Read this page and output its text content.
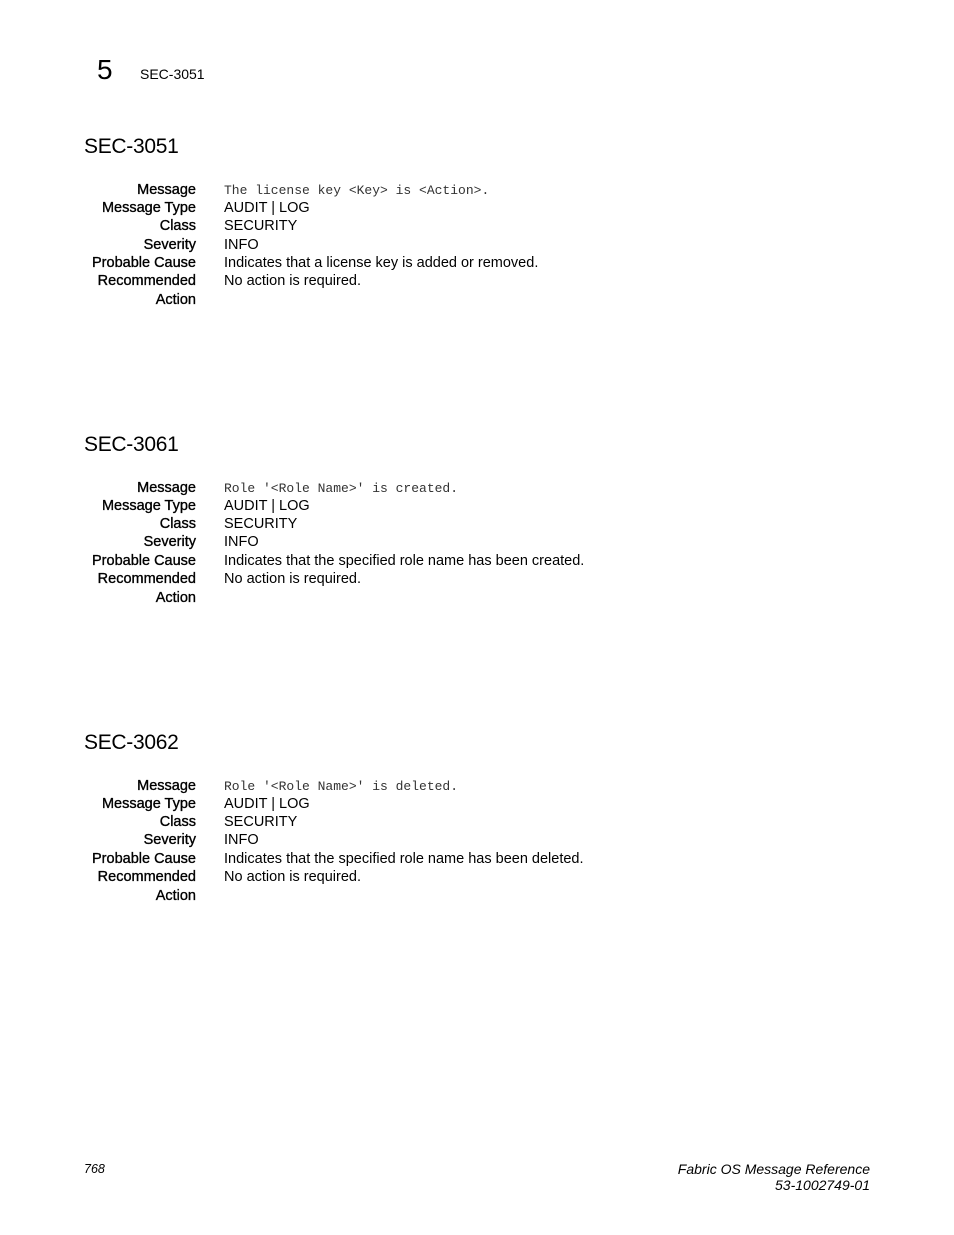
5 SEC-3051
SEC-3051
Message The license key <Key> is <Action>.
Message Type AUDIT | LOG
Class SECURITY
Severity INFO
Probable Cause Indicates that a license key is added or removed.
Recommended
Action
No action is required.
SEC-3061
Message Role '<Role Name>' is created.
Message Type AUDIT | LOG
Class SECURITY
Severity INFO
Probable Cause Indicates that the specified role name has been created.
Recommended
Action
No action is required.
SEC-3062
Message Role '<Role Name>' is deleted.
Message Type AUDIT | LOG
Class SECURITY
Severity INFO
Probable Cause Indicates that the specified role name has been deleted.
Recommended
Action
No action is required.
768	Fabric OS Message Reference
53-1002749-01
